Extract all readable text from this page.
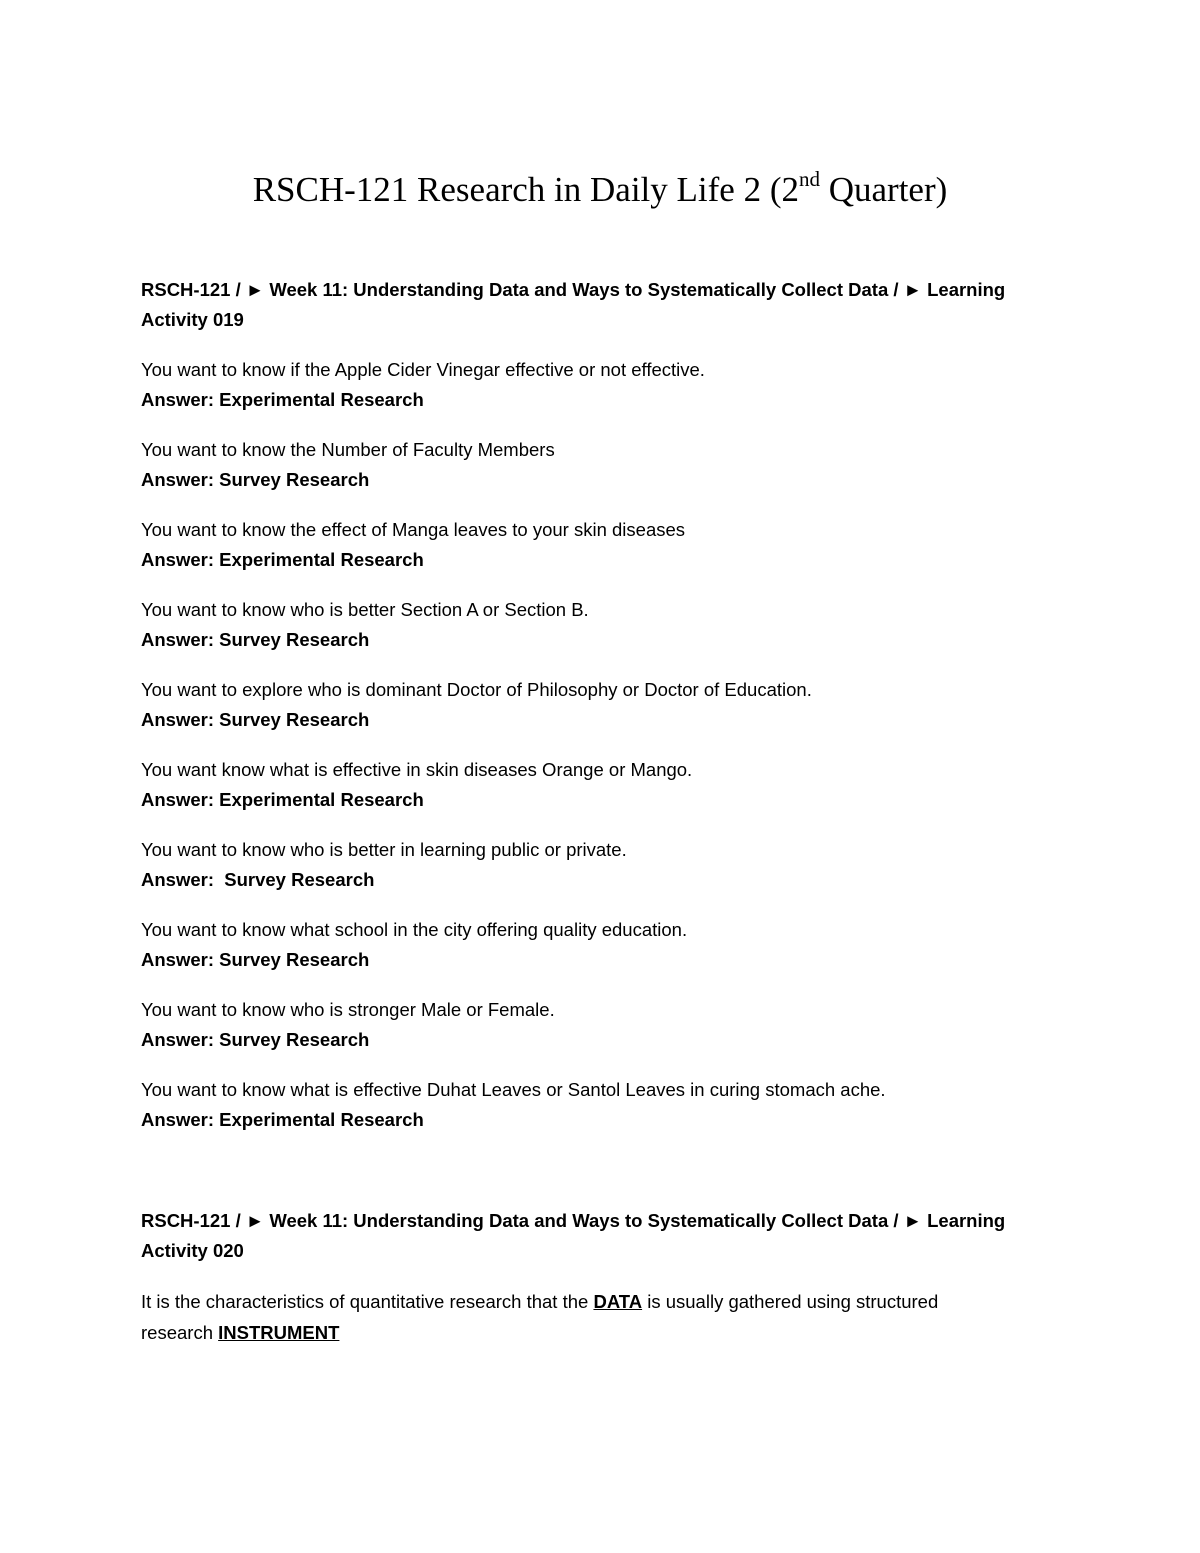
RSCH-121 Research in Daily Life 2 (2nd Quarter)
RSCH-121 / ► Week 11: Understanding Data and Ways to Systematically Collect Data / ► Learning
Activity 019
You want to know if the Apple Cider Vinegar effective or not effective.
Answer: Experimental Research
You want to know the Number of Faculty Members
Answer: Survey Research
You want to know the effect of Manga leaves to your skin diseases
Answer: Experimental Research
You want to know who is better Section A or Section B.
Answer: Survey Research
You want to explore who is dominant Doctor of Philosophy or Doctor of Education.
Answer: Survey Research
You want know what is effective in skin diseases Orange or Mango.
Answer: Experimental Research
You want to know who is better in learning public or private.
Answer:  Survey Research
You want to know what school in the city offering quality education.
Answer: Survey Research
You want to know who is stronger Male or Female.
Answer: Survey Research
You want to know what is effective Duhat Leaves or Santol Leaves in curing stomach ache.
Answer: Experimental Research
RSCH-121 / ► Week 11: Understanding Data and Ways to Systematically Collect Data / ► Learning
Activity 020
It is the characteristics of quantitative research that the DATA is usually gathered using structured
research INSTRUMENT
